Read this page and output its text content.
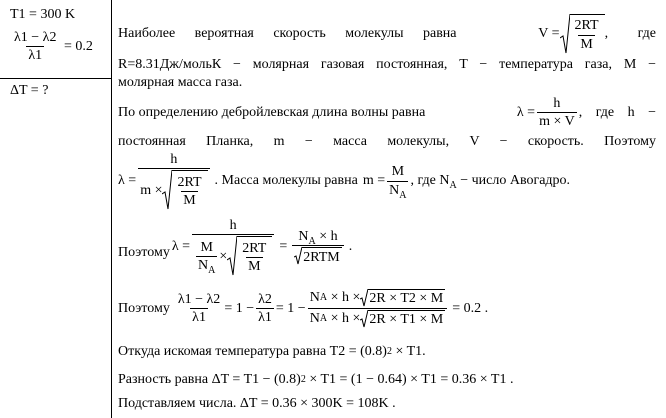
T1 = 300 K
$\frac{\lambda 1 - \lambda 2}{\lambda 1} = 0.2$
ΔT = ?
Наиболее вероятная скорость молекулы равна	$V = \frac{2RT}{M}$ , где
R=8.31Дж/мольК − молярная газовая постоянная, T − температура газа, M −
молярная масса газа.
По определению дебройлевская длина волны равна	$\lambda = \frac{h}{m \times V}$ , где h −
постоянная Планка, m − масса молекулы, V − скорость. Поэтому
λ =
h
$m \times \frac{2RT}{M}$ . Масса молекулы равна $m = \frac{M}{N_A}$ , где $N_A$ − число Авогадро.
Поэтому λ =
h
$\frac{M}{N_A} \times \frac{2RT}{M} = \frac{N_A \times h}{\text{2RTM}}$ .
Поэтому $\frac{\lambda 1 - \lambda 2}{\lambda 1} = 1 - \frac{\lambda 2}{\lambda 1} = 1 - \frac{\text{N A × h × 2R × T2 × M}}{\text{N A × h × 2R × T1 × M}} = 0.2$ .
Откуда искомая температура равна T2 = (0.8) 2 × T1.
Разность равна ΔT = T1 − (0.8) 2 × T1 = (1 − 0.64) × T1 = 0.36 × T1 .
Подставляем числа. ΔT = 0.36 × 300K = 108K .
